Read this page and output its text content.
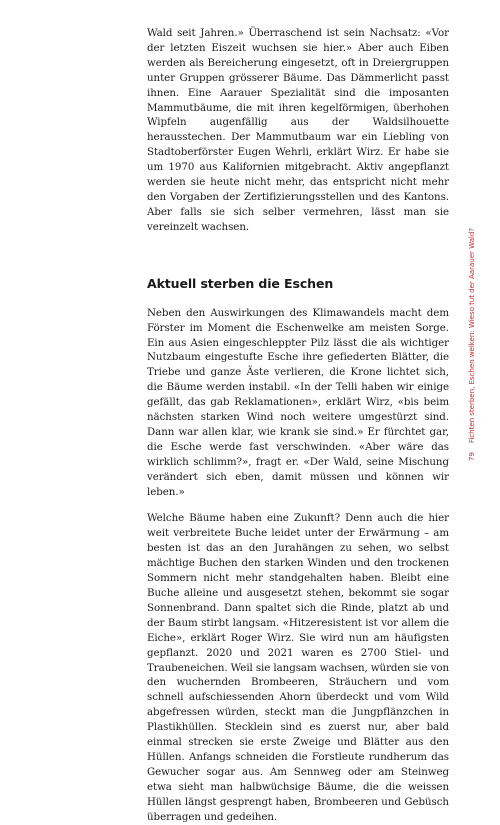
Wald seit Jahren.» Überraschend ist sein Nachsatz: «Vor der letzten Eiszeit wuchsen sie hier.» Aber auch Eiben werden als Bereicherung eingesetzt, oft in Dreiergruppen unter Gruppen grösserer Bäume. Das Dämmerlicht passt ihnen. Eine Aarauer Spezialität sind die imposanten Mammutbäume, die mit ihren kegelförmigen, überhohen Wipfeln augenfällig aus der Waldsilhouette herausstechen. Der Mammutbaum war ein Liebling von Stadtoberförster Eugen Wehrli, erklärt Wirz. Er habe sie um 1970 aus Kalifornien mitgebracht. Aktiv angepflanzt werden sie heute nicht mehr, das entspricht nicht mehr den Vorgaben der Zertifizierungsstellen und des Kantons. Aber falls sie sich selber vermehren, lässt man sie vereinzelt wachsen.

Aktuell sterben die Eschen

Neben den Auswirkungen des Klimawandels macht dem Förster im Moment die Eschenwelke am meisten Sorge. Ein aus Asien eingeschleppter Pilz lässt die als wichtiger Nutzbaum eingestufte Esche ihre gefiederten Blätter, die Triebe und ganze Äste verlieren, die Krone lichtet sich, die Bäume werden instabil. «In der Telli haben wir einige gefällt, das gab Reklamationen», erklärt Wirz, «bis beim nächsten starken Wind noch weitere umgestürzt sind. Dann war allen klar, wie krank sie sind.» Er fürchtet gar, die Esche werde fast verschwinden. «Aber wäre das wirklich schlimm?», fragt er. «Der Wald, seine Mischung verändert sich eben, damit müssen und können wir leben.»

Welche Bäume haben eine Zukunft? Denn auch die hier weit verbreitete Buche leidet unter der Erwärmung – am besten ist das an den Jurahängen zu sehen, wo selbst mächtige Buchen den starken Winden und den trockenen Sommern nicht mehr standgehalten haben. Bleibt eine Buche alleine und ausgesetzt stehen, bekommt sie sogar Sonnenbrand. Dann spaltet sich die Rinde, platzt ab und der Baum stirbt langsam. «Hitzeresistent ist vor allem die Eiche», erklärt Roger Wirz. Sie wird nun am häufigsten gepflanzt. 2020 und 2021 waren es 2700 Stiel- und Traubeneichen. Weil sie langsam wachsen, würden sie von den wuchernden Brombeeren, Sträuchern und vom schnell aufschiessenden Ahorn überdeckt und vom Wild abgefressen würden, steckt man die Jungpflänzchen in Plastikhüllen. Stecklein sind es zuerst nur, aber bald einmal strecken sie erste Zweige und Blätter aus den Hüllen. Anfangs schneiden die Forstleute rundherum das Gewucher sogar aus. Am Sennweg oder am Steinweg etwa sieht man halbwüchsige Bäume, die die weissen Hüllen längst gesprengt haben, Brombeeren und Gebüsch überragen und gedeihen.

Fichten sterben, Eschen welken: Wieso tut der Aarauer Wald?
79
